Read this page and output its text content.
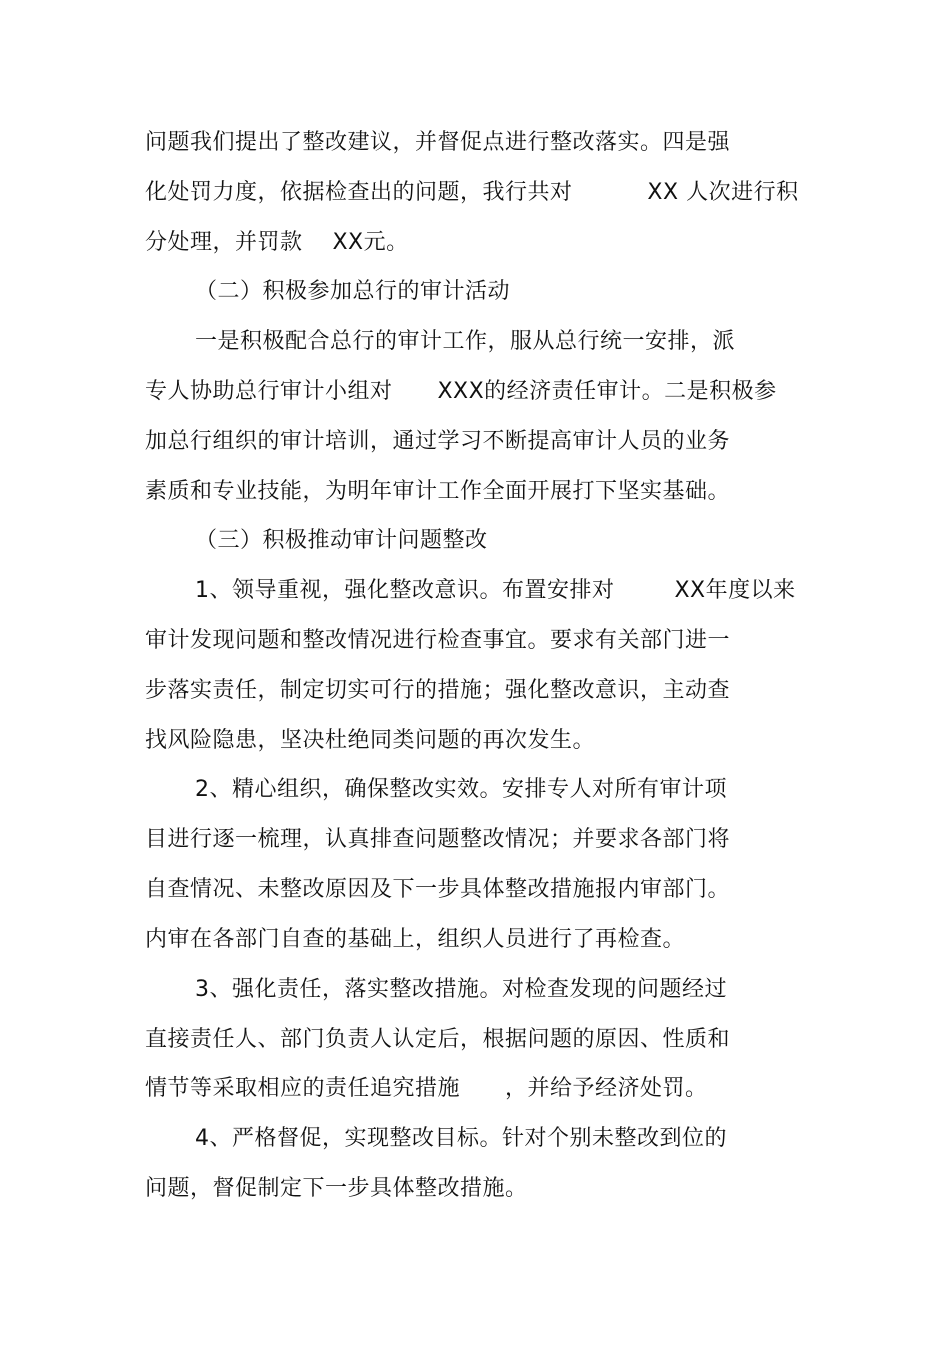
问题我们提出了整改建议，并督促点进行整改落实。四是强
化处罚力度，依据检查出的问题，我行共对          XX 人次进行积
分处理，并罚款    XX元。
（二）积极参加总行的审计活动
一是积极配合总行的审计工作，服从总行统一安排，派
专人协助总行审计小组对      XXX的经济责任审计。二是积极参
加总行组织的审计培训，通过学习不断提高审计人员的业务
素质和专业技能，为明年审计工作全面开展打下坚实基础。
（三）积极推动审计问题整改
1、领导重视，强化整改意识。布置安排对        XX年度以来
审计发现问题和整改情况进行检查事宜。要求有关部门进一
步落实责任，制定切实可行的措施；强化整改意识，主动查
找风险隐患，坚决杜绝同类问题的再次发生。
2、精心组织，确保整改实效。安排专人对所有审计项
目进行逐一梳理，认真排查问题整改情况；并要求各部门将
自查情况、未整改原因及下一步具体整改措施报内审部门。
内审在各部门自查的基础上，组织人员进行了再检查。
3、强化责任，落实整改措施。对检查发现的问题经过
直接责任人、部门负责人认定后，根据问题的原因、性质和
情节等采取相应的责任追究措施      ，并给予经济处罚。
4、严格督促，实现整改目标。针对个别未整改到位的
问题，督促制定下一步具体整改措施。
